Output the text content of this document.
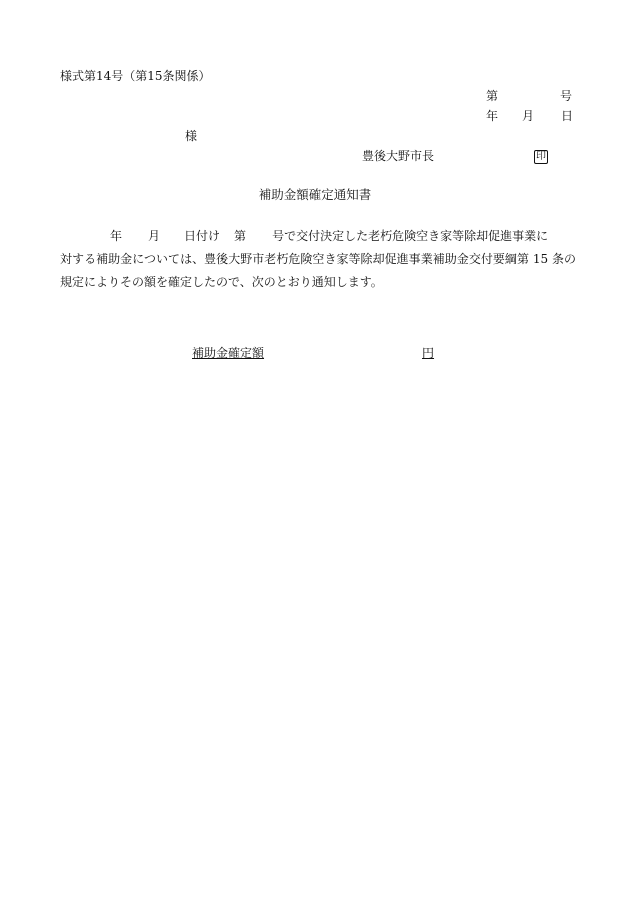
様式第14号（第15条関係）
第	号
年 月 日
様
豊後大野市長	印
補助金額確定通知書
年 月 日付け 第 号で交付決定した老朽危険空き家等除却促進事業に
対する補助金については、豊後大野市老朽危険空き家等除却促進事業補助金交付要綱第 15 条の規定によりその額を確定したので、次のとおり通知します。
補助金確定額	円
